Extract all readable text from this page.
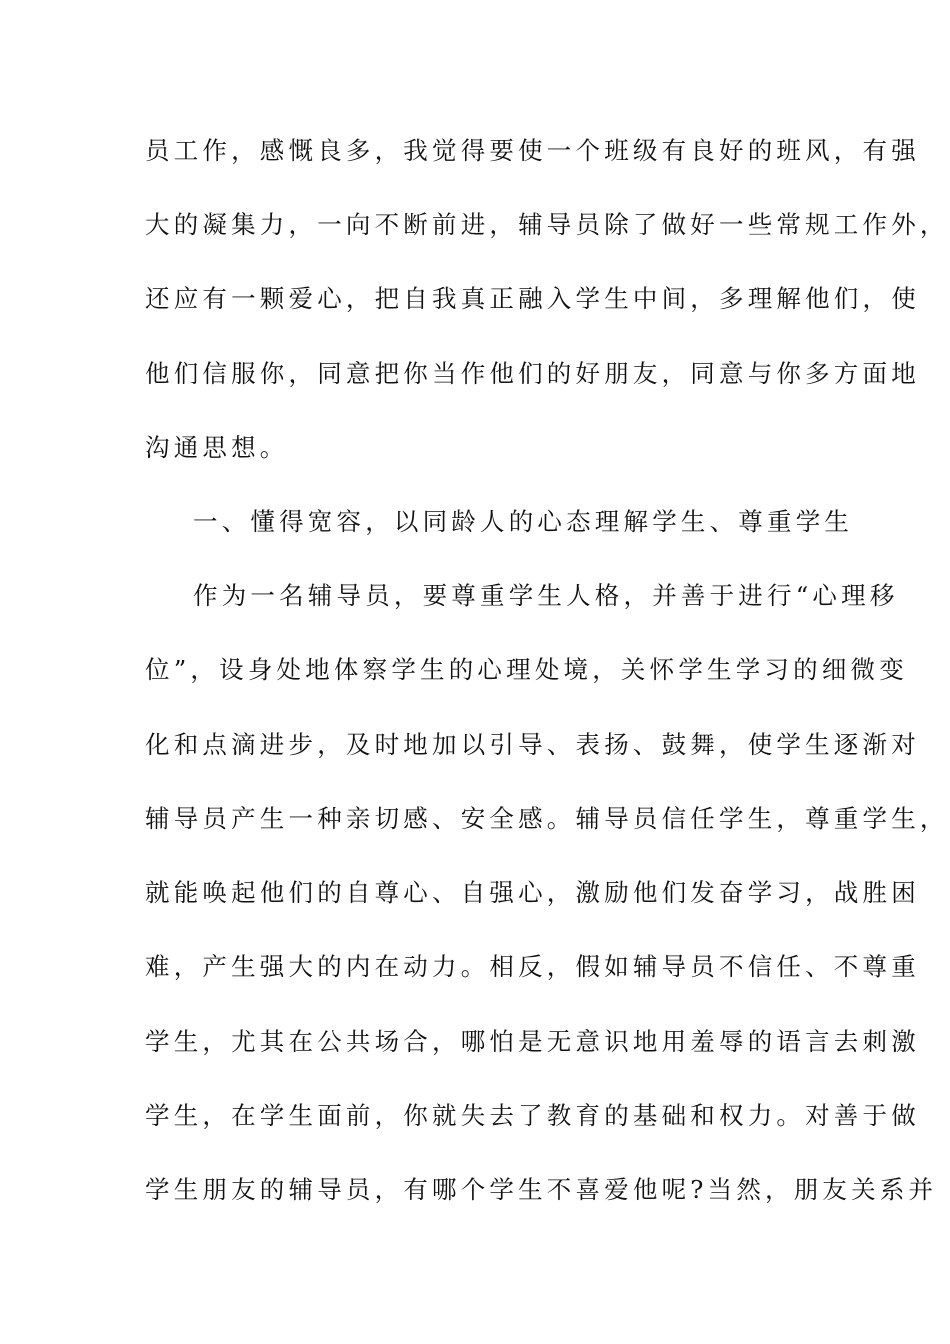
员工作，感慨良多，我觉得要使一个班级有良好的班风，有强
大的凝集力，一向不断前进，辅导员除了做好一些常规工作外，
还应有一颗爱心，把自我真正融入学生中间，多理解他们，使
他们信服你，同意把你当作他们的好朋友，同意与你多方面地
沟通思想。
一、懂得宽容，以同龄人的心态理解学生、尊重学生
作为一名辅导员，要尊重学生人格，并善于进行“心理移
位”，设身处地体察学生的心理处境，关怀学生学习的细微变
化和点滴进步，及时地加以引导、表扬、鼓舞，使学生逐渐对
辅导员产生一种亲切感、安全感。辅导员信任学生，尊重学生，
就能唤起他们的自尊心、自强心，激励他们发奋学习，战胜困
难，产生强大的内在动力。相反，假如辅导员不信任、不尊重
学生，尤其在公共场合，哪怕是无意识地用羞辱的语言去刺激
学生，在学生面前，你就失去了教育的基础和权力。对善于做
学生朋友的辅导员，有哪个学生不喜爱他呢?当然，朋友关系并
